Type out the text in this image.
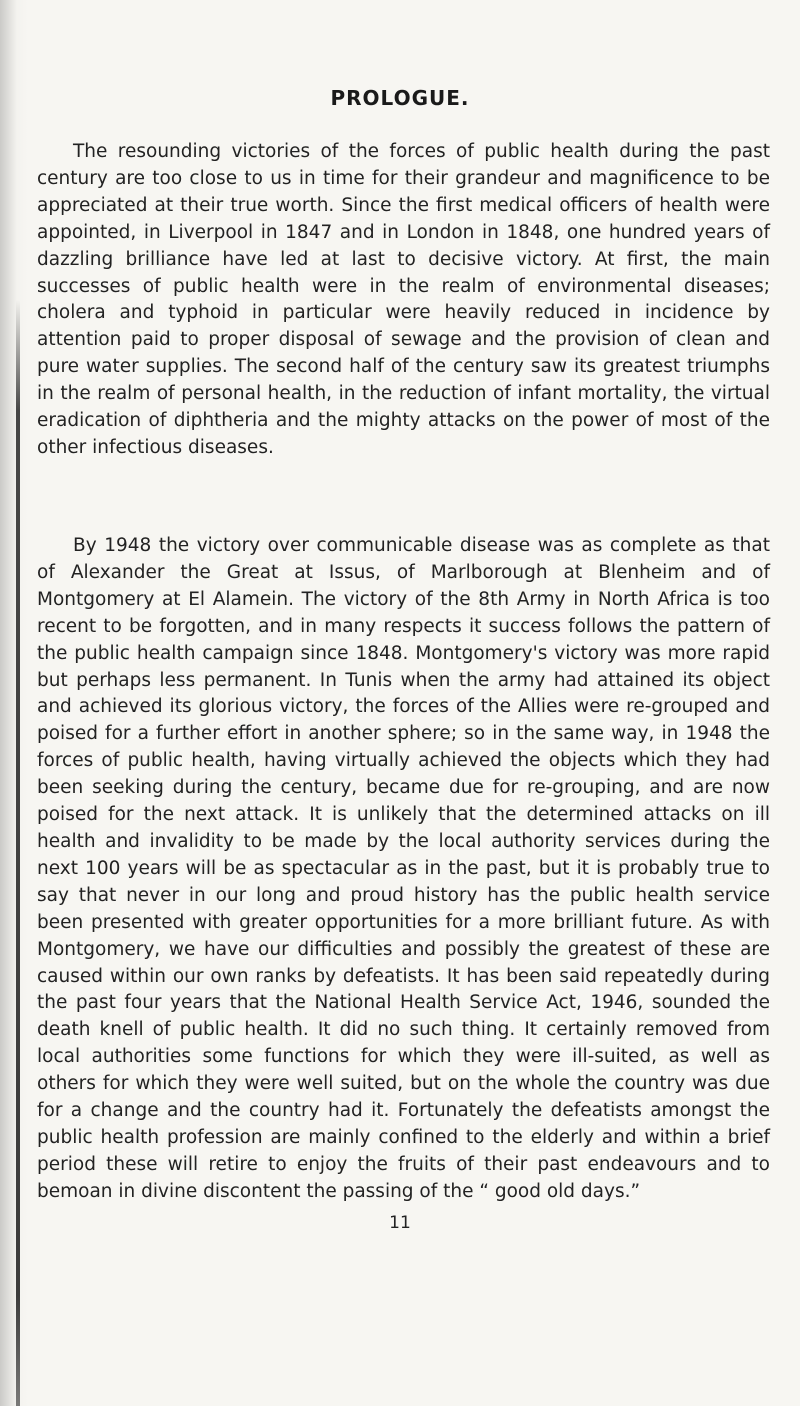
PROLOGUE.

The resounding victories of the forces of public health during the past century are too close to us in time for their grandeur and magnificence to be appreciated at their true worth. Since the first medical officers of health were appointed, in Liverpool in 1847 and in London in 1848, one hundred years of dazzling brilliance have led at last to decisive victory. At first, the main successes of public health were in the realm of environmental diseases; cholera and typhoid in particular were heavily reduced in incidence by attention paid to proper disposal of sewage and the provision of clean and pure water supplies. The second half of the century saw its greatest triumphs in the realm of personal health, in the reduction of infant mortality, the virtual eradication of diphtheria and the mighty attacks on the power of most of the other infectious diseases.

By 1948 the victory over communicable disease was as complete as that of Alexander the Great at Issus, of Marlborough at Blenheim and of Montgomery at El Alamein. The victory of the 8th Army in North Africa is too recent to be forgotten, and in many respects it success follows the pattern of the public health campaign since 1848. Montgomery's victory was more rapid but perhaps less permanent. In Tunis when the army had attained its object and achieved its glorious victory, the forces of the Allies were re-grouped and poised for a further effort in another sphere; so in the same way, in 1948 the forces of public health, having virtually achieved the objects which they had been seeking during the century, became due for re-grouping, and are now poised for the next attack. It is unlikely that the determined attacks on ill health and invalidity to be made by the local authority services during the next 100 years will be as spectacular as in the past, but it is probably true to say that never in our long and proud history has the public health service been presented with greater opportunities for a more brilliant future. As with Montgomery, we have our difficulties and possibly the greatest of these are caused within our own ranks by defeatists. It has been said repeatedly during the past four years that the National Health Service Act, 1946, sounded the death knell of public health. It did no such thing. It certainly removed from local authorities some functions for which they were ill-suited, as well as others for which they were well suited, but on the whole the country was due for a change and the country had it. Fortunately the defeatists amongst the public health profession are mainly confined to the elderly and within a brief period these will retire to enjoy the fruits of their past endeavours and to bemoan in divine discontent the passing of the “ good old days.”

11
